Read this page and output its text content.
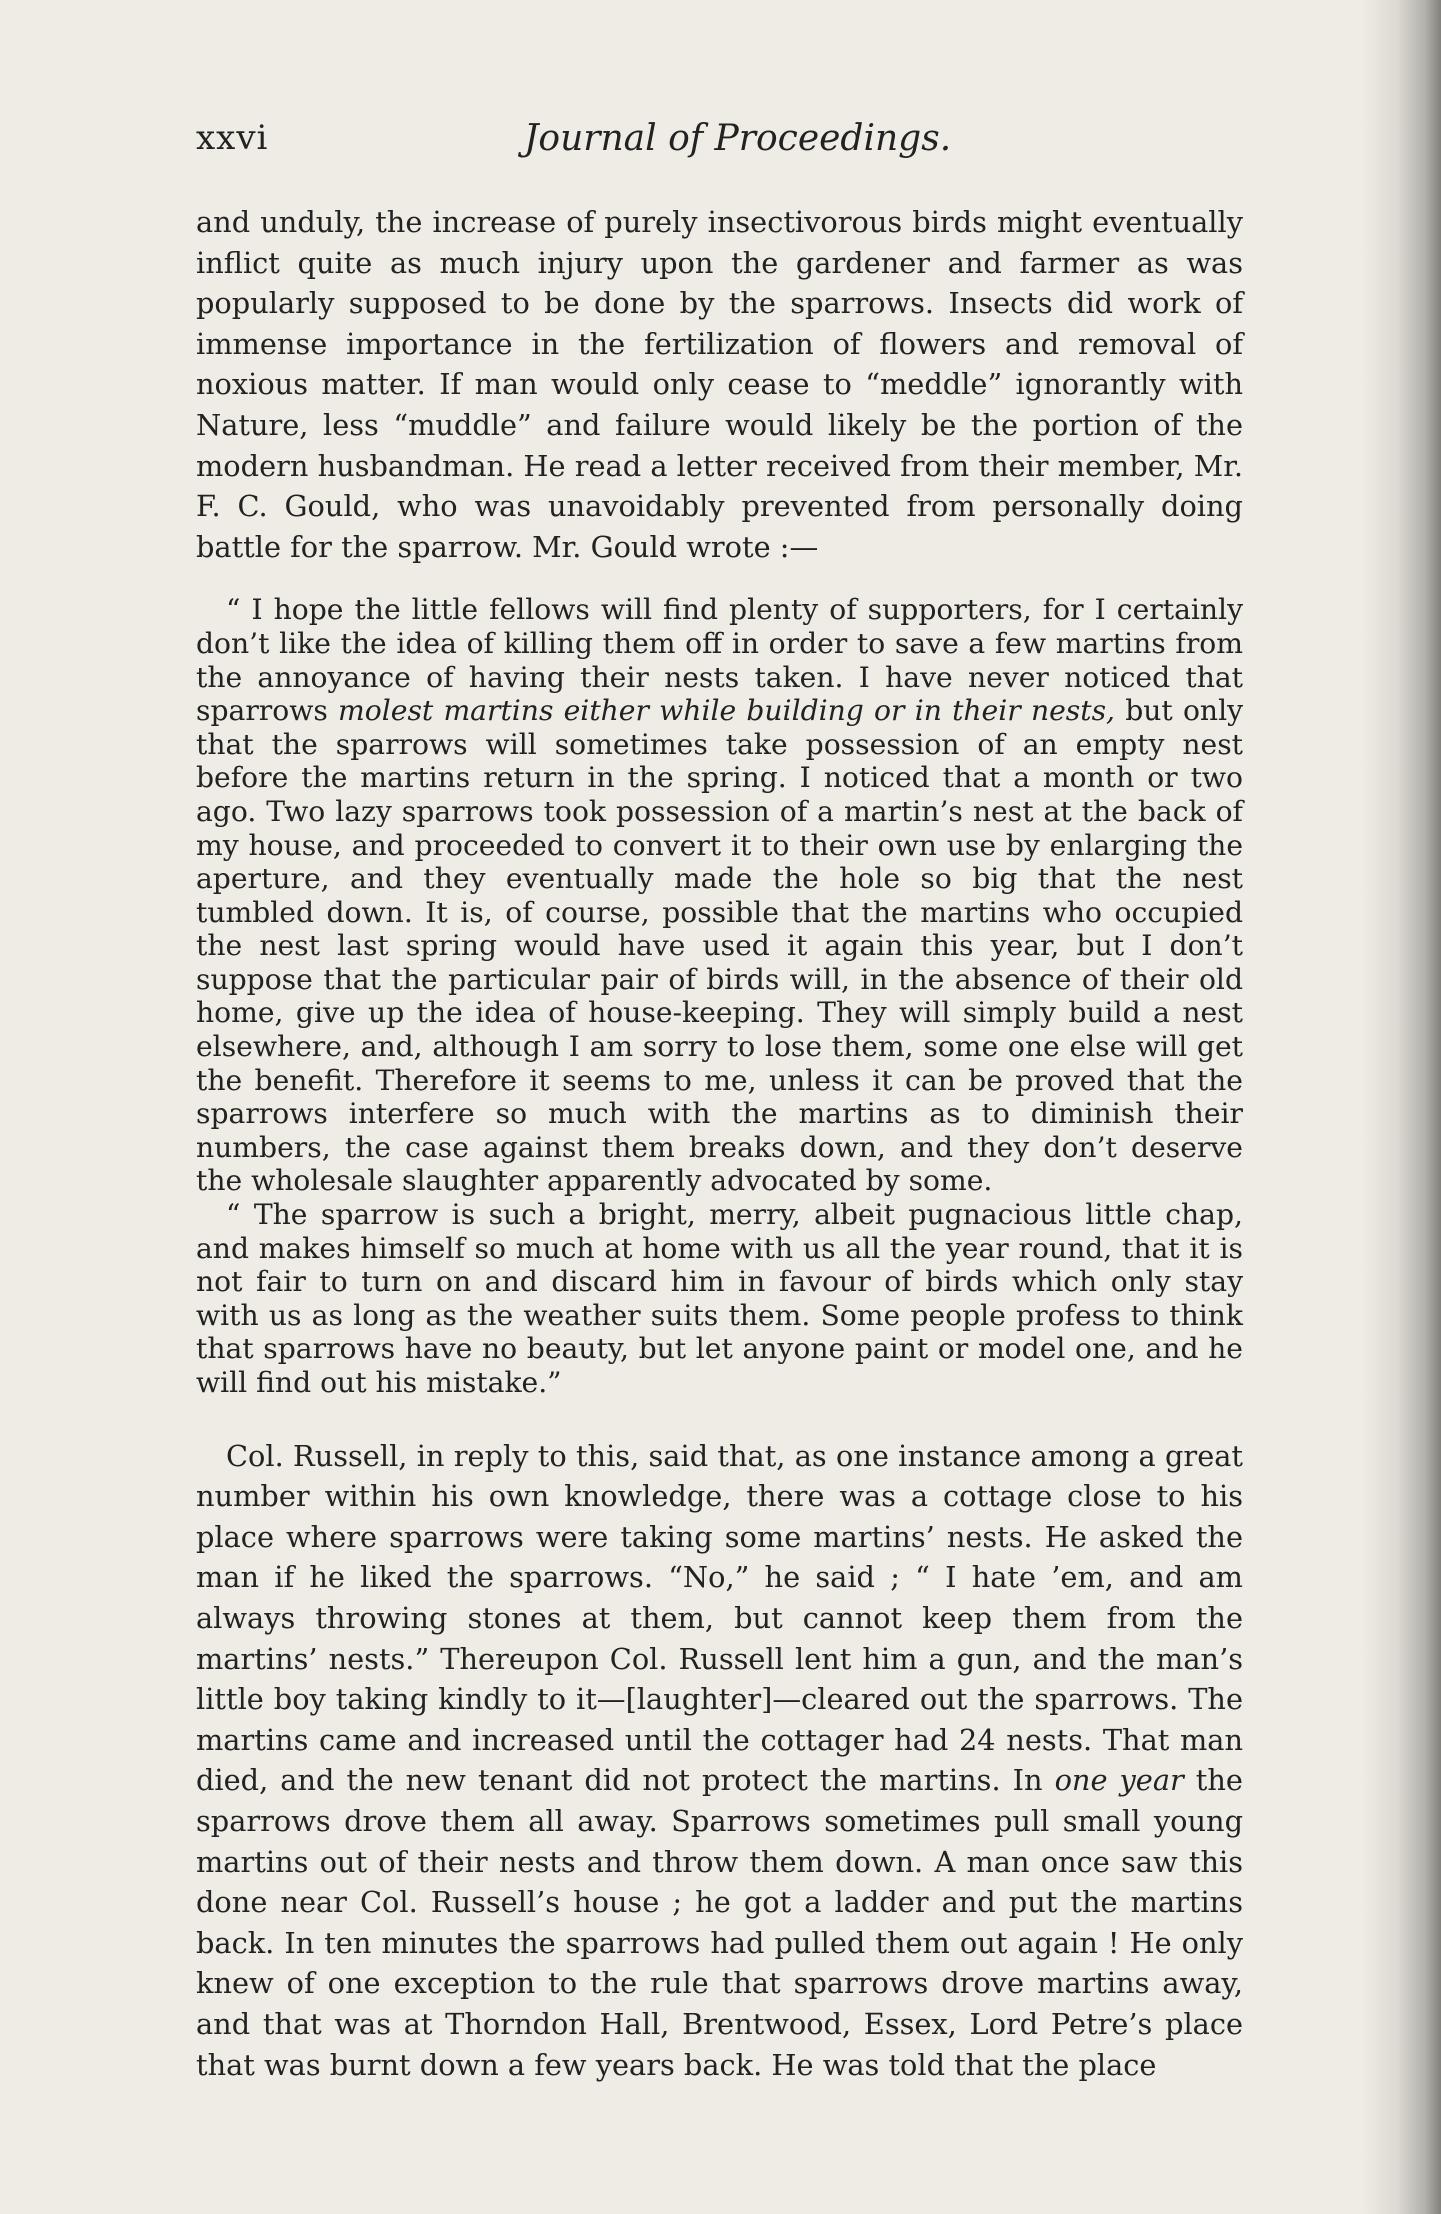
xxvi	Journal of Proceedings.

and unduly, the increase of purely insectivorous birds might eventually inflict quite as much injury upon the gardener and farmer as was popularly supposed to be done by the sparrows. Insects did work of immense importance in the fertilization of flowers and removal of noxious matter. If man would only cease to “meddle” ignorantly with Nature, less “muddle” and failure would likely be the portion of the modern husbandman. He read a letter received from their member, Mr. F. C. Gould, who was unavoidably prevented from personally doing battle for the sparrow. Mr. Gould wrote :—

“ I hope the little fellows will find plenty of supporters, for I certainly don’t like the idea of killing them off in order to save a few martins from the annoyance of having their nests taken. I have never noticed that sparrows molest martins either while building or in their nests, but only that the sparrows will sometimes take possession of an empty nest before the martins return in the spring. I noticed that a month or two ago. Two lazy sparrows took possession of a martin’s nest at the back of my house, and proceeded to convert it to their own use by enlarging the aperture, and they eventually made the hole so big that the nest tumbled down. It is, of course, possible that the martins who occupied the nest last spring would have used it again this year, but I don’t suppose that the particular pair of birds will, in the absence of their old home, give up the idea of house-keeping. They will simply build a nest elsewhere, and, although I am sorry to lose them, some one else will get the benefit. Therefore it seems to me, unless it can be proved that the sparrows interfere so much with the martins as to diminish their numbers, the case against them breaks down, and they don’t deserve the wholesale slaughter apparently advocated by some.

“ The sparrow is such a bright, merry, albeit pugnacious little chap, and makes himself so much at home with us all the year round, that it is not fair to turn on and discard him in favour of birds which only stay with us as long as the weather suits them. Some people profess to think that sparrows have no beauty, but let anyone paint or model one, and he will find out his mistake.”

Col. Russell, in reply to this, said that, as one instance among a great number within his own knowledge, there was a cottage close to his place where sparrows were taking some martins’ nests. He asked the man if he liked the sparrows. “No,” he said ; “ I hate ’em, and am always throwing stones at them, but cannot keep them from the martins’ nests.” Thereupon Col. Russell lent him a gun, and the man’s little boy taking kindly to it—[laughter]—cleared out the sparrows. The martins came and increased until the cottager had 24 nests. That man died, and the new tenant did not protect the martins. In one year the sparrows drove them all away. Sparrows sometimes pull small young martins out of their nests and throw them down. A man once saw this done near Col. Russell’s house ; he got a ladder and put the martins back. In ten minutes the sparrows had pulled them out again ! He only knew of one exception to the rule that sparrows drove martins away, and that was at Thorndon Hall, Brentwood, Essex, Lord Petre’s place that was burnt down a few years back. He was told that the place
